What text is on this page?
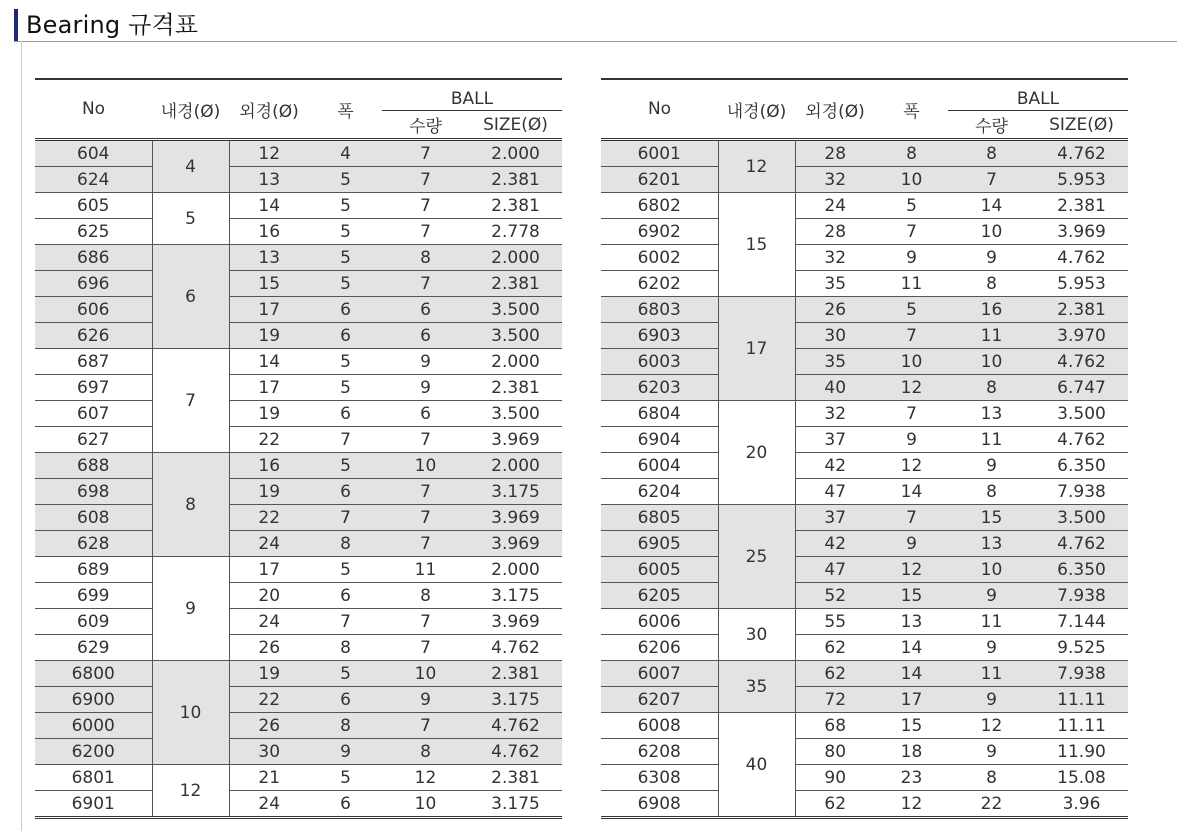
Bearing 규격표
No	내경(Ø)	외경(Ø)	폭	BALL	
				수량	SIZE(Ø)
604	4	12	4	7	2.000
624		13	5	7	2.381
605	5	14	5	7	2.381
625		16	5	7	2.778
686	6	13	5	8	2.000
696		15	5	7	2.381
606		17	6	6	3.500
626		19	6	6	3.500
687	7	14	5	9	2.000
697		17	5	9	2.381
607		19	6	6	3.500
627		22	7	7	3.969
688	8	16	5	10	2.000
698		19	6	7	3.175
608		22	7	7	3.969
628		24	8	7	3.969
689	9	17	5	11	2.000
699		20	6	8	3.175
609		24	7	7	3.969
629		26	8	7	4.762
6800	10	19	5	10	2.381
6900		22	6	9	3.175
6000		26	8	7	4.762
6200		30	9	8	4.762
6801	12	21	5	12	2.381
6901		24	6	10	3.175
No	내경(Ø)	외경(Ø)	폭	BALL	
				수량	SIZE(Ø)
6001	12	28	8	8	4.762
6201		32	10	7	5.953
6802	15	24	5	14	2.381
6902		28	7	10	3.969
6002		32	9	9	4.762
6202		35	11	8	5.953
6803	17	26	5	16	2.381
6903		30	7	11	3.970
6003		35	10	10	4.762
6203		40	12	8	6.747
6804	20	32	7	13	3.500
6904		37	9	11	4.762
6004		42	12	9	6.350
6204		47	14	8	7.938
6805	25	37	7	15	3.500
6905		42	9	13	4.762
6005		47	12	10	6.350
6205		52	15	9	7.938
6006	30	55	13	11	7.144
6206		62	14	9	9.525
6007	35	62	14	11	7.938
6207		72	17	9	11.11
6008	40	68	15	12	11.11
6208		80	18	9	11.90
6308		90	23	8	15.08
6908		62	12	22	3.96
